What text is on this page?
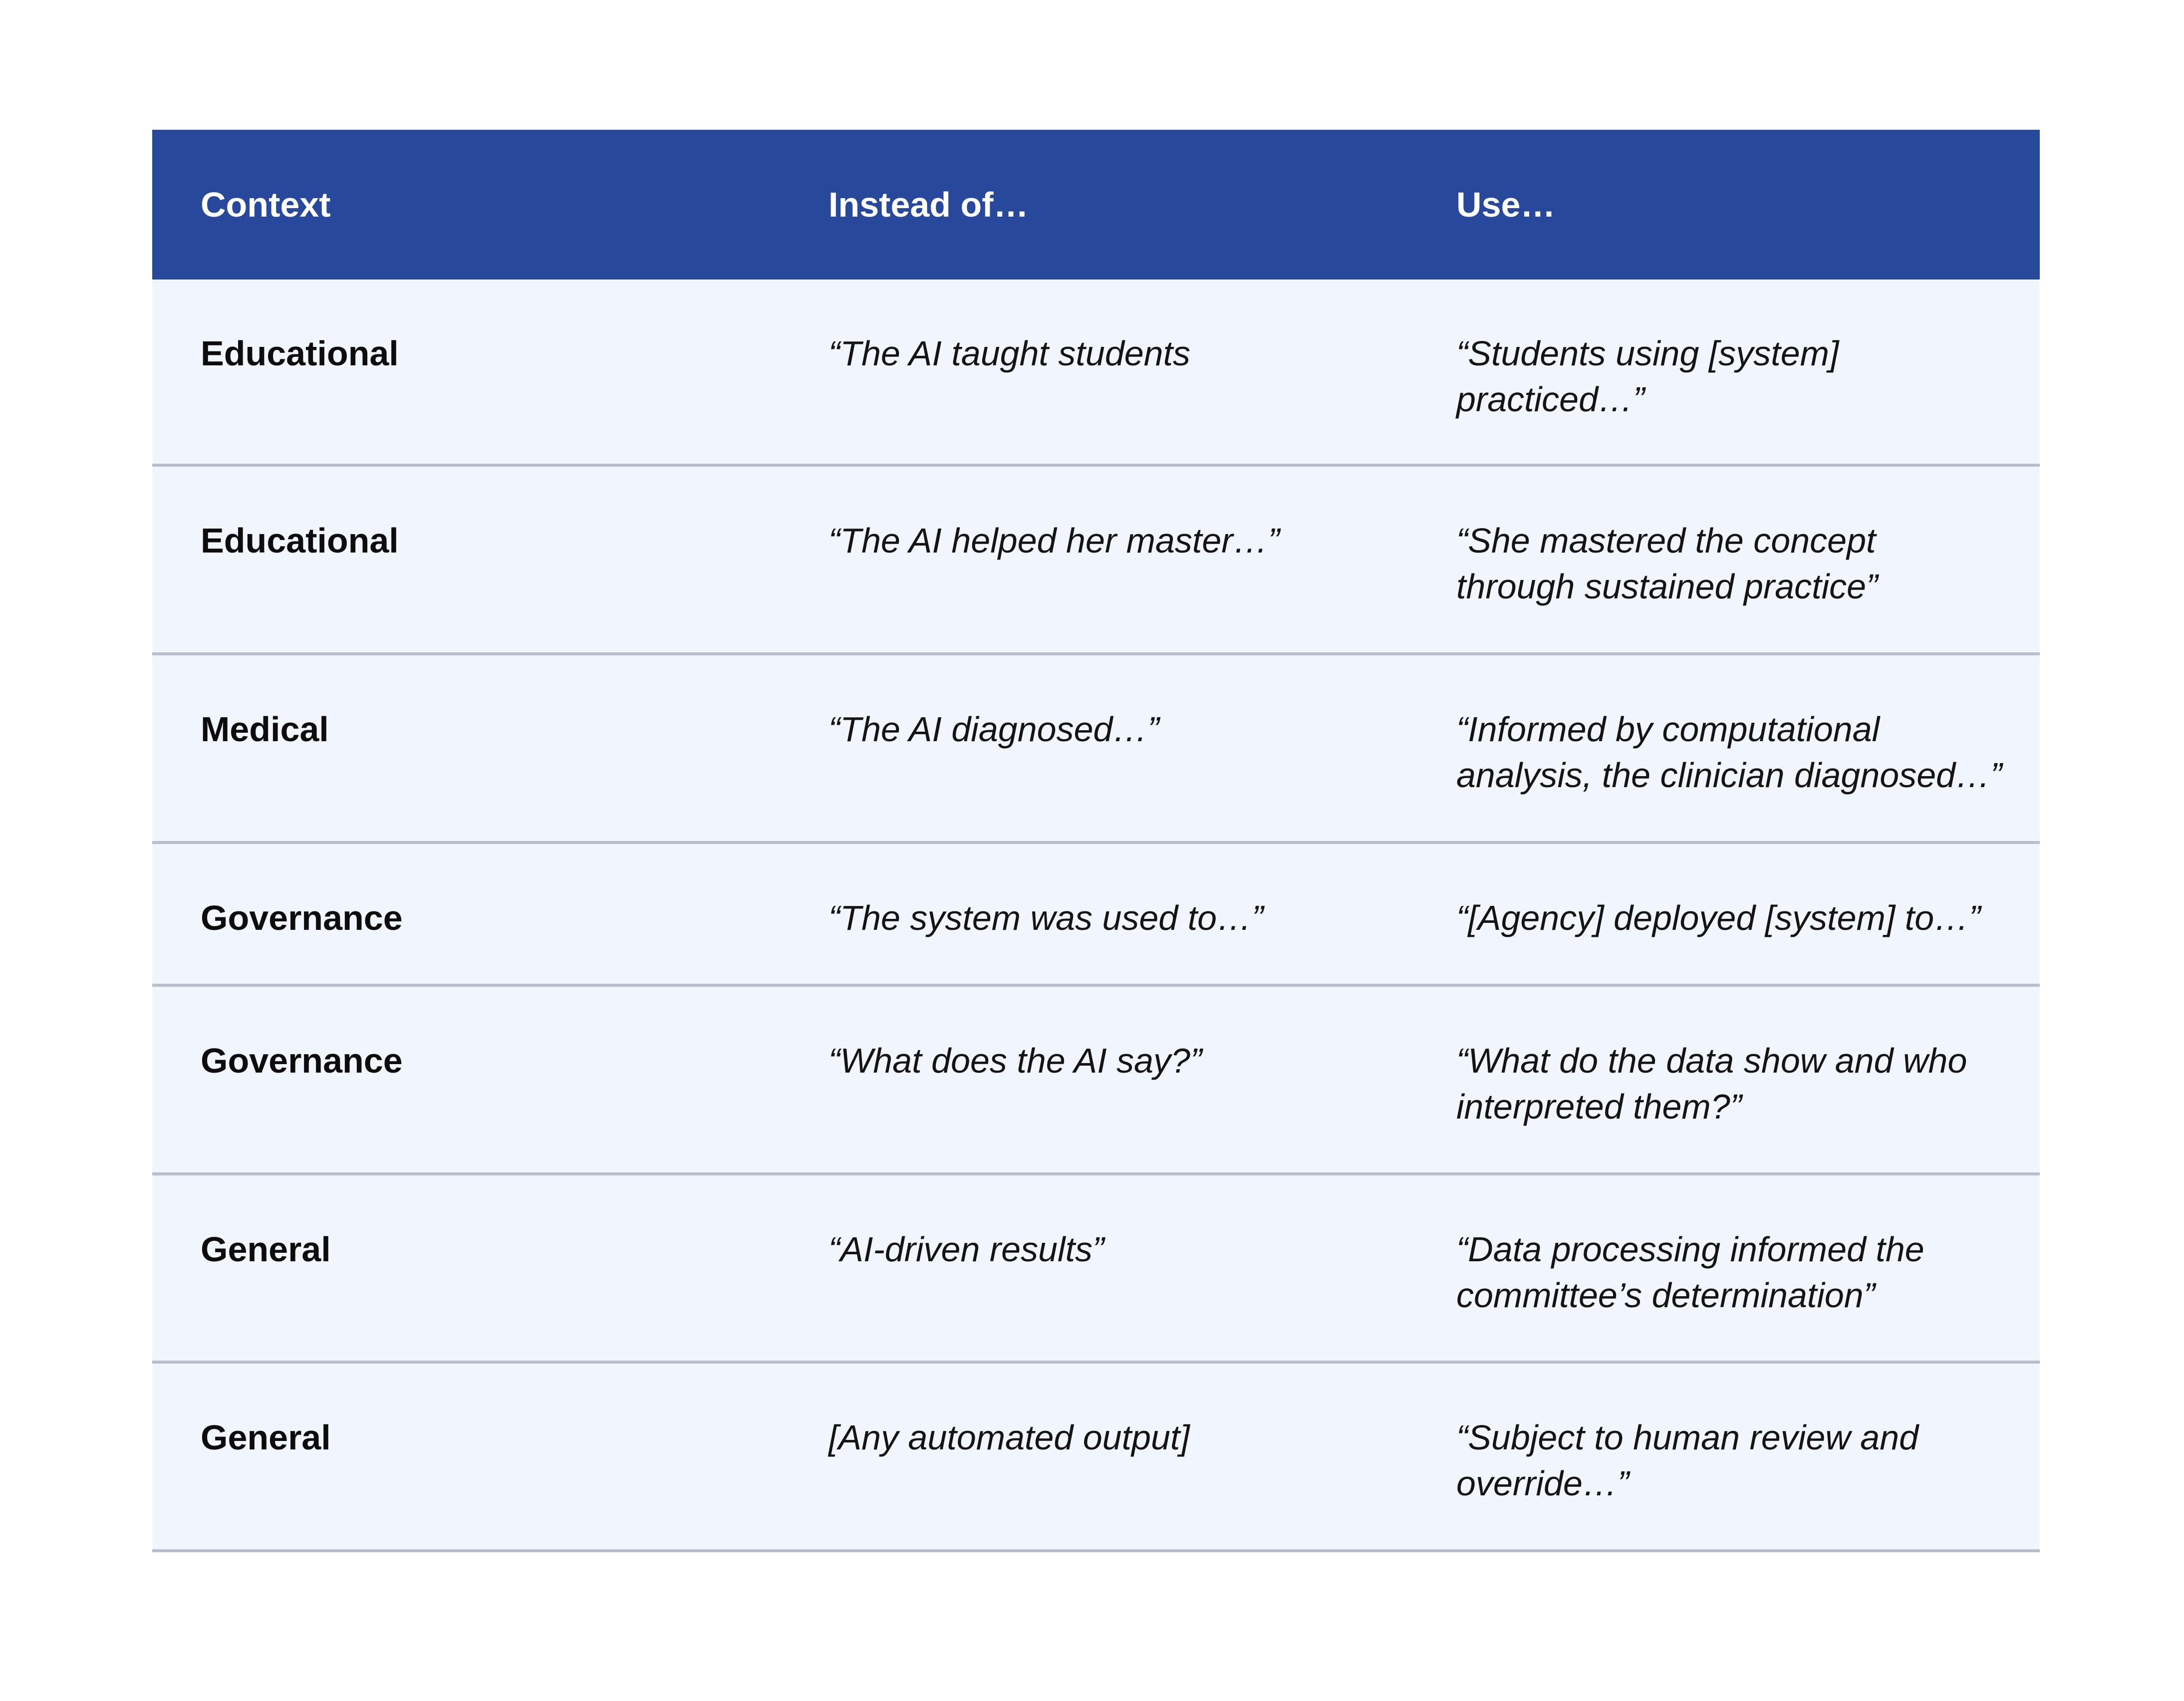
Context	Instead of…	Use…
Educational	“The AI taught students	“Students using [system]
practiced…”
Educational	“The AI helped her master…”	“She mastered the concept
through sustained practice”
Medical	“The AI diagnosed…”	“Informed by computational
analysis, the clinician diagnosed…”
Governance	“The system was used to…”	“[Agency] deployed [system] to…”
Governance	“What does the AI say?”	“What do the data show and who
interpreted them?”
General	“AI-driven results”	“Data processing informed the
committee’s determination”
General	[Any automated output]	“Subject to human review and
override…”
